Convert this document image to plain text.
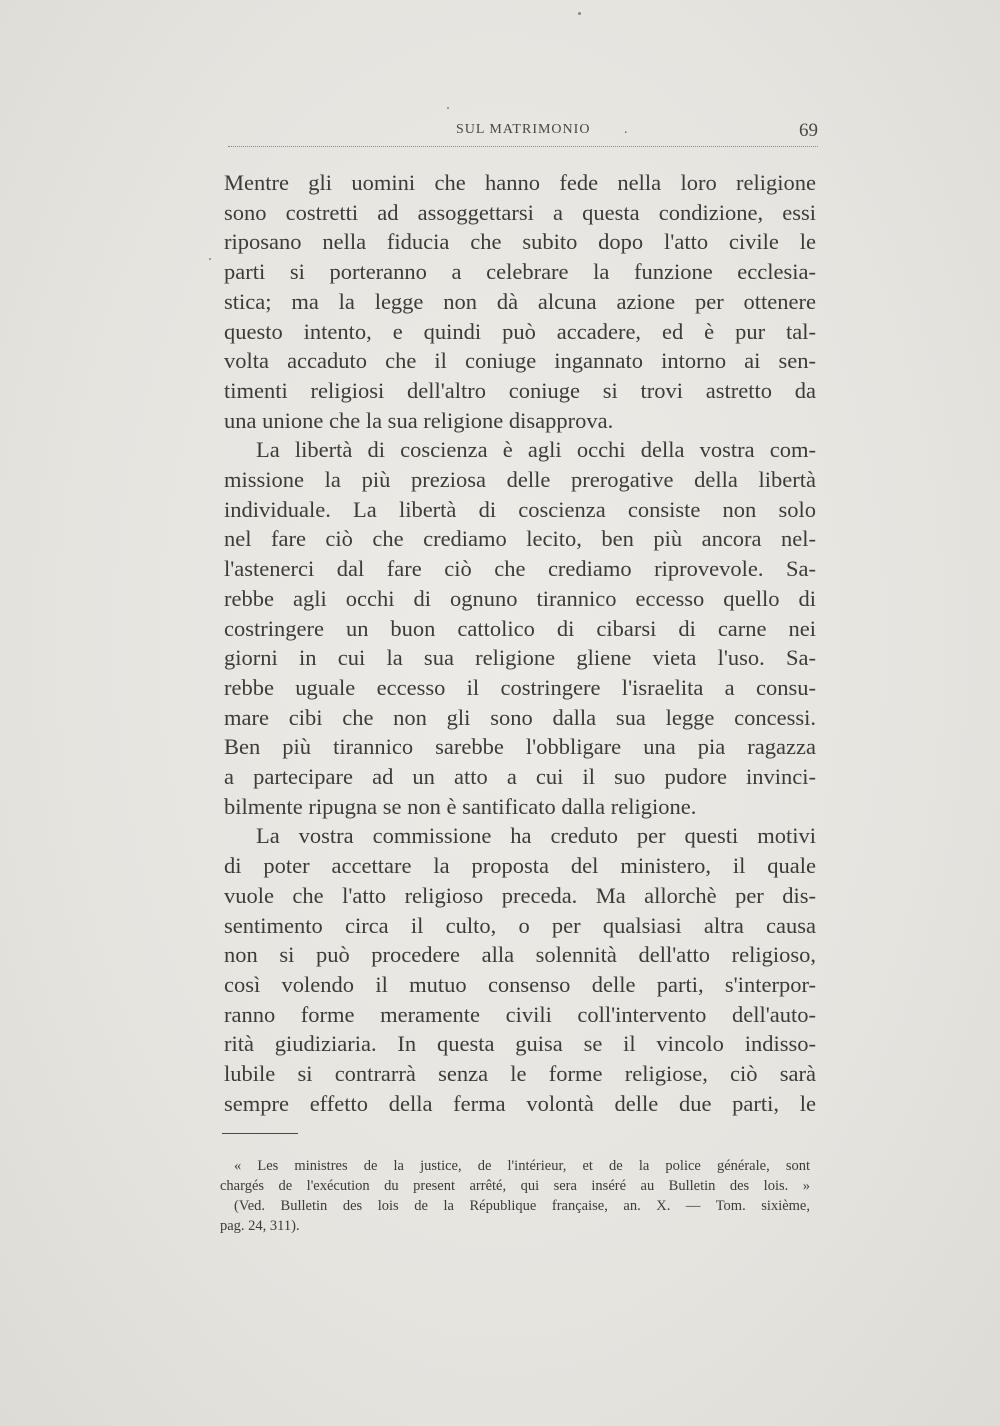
SUL MATRIMONIO .	69

Mentre gli uomini che hanno fede nella loro religione
sono costretti ad assoggettarsi a questa condizione, essi
riposano nella fiducia che subito dopo l'atto civile le
parti si porteranno a celebrare la funzione ecclesia-
stica; ma la legge non dà alcuna azione per ottenere
questo intento, e quindi può accadere, ed è pur tal-
volta accaduto che il coniuge ingannato intorno ai sen-
timenti religiosi dell'altro coniuge si trovi astretto da
una unione che la sua religione disapprova.

La libertà di coscienza è agli occhi della vostra com-
missione la più preziosa delle prerogative della libertà
individuale. La libertà di coscienza consiste non solo
nel fare ciò che crediamo lecito, ben più ancora nel-
l'astenerci dal fare ciò che crediamo riprovevole. Sa-
rebbe agli occhi di ognuno tirannico eccesso quello di
costringere un buon cattolico di cibarsi di carne nei
giorni in cui la sua religione gliene vieta l'uso. Sa-
rebbe uguale eccesso il costringere l'israelita a consu-
mare cibi che non gli sono dalla sua legge concessi.
Ben più tirannico sarebbe l'obbligare una pia ragazza
a partecipare ad un atto a cui il suo pudore invinci-
bilmente ripugna se non è santificato dalla religione.

La vostra commissione ha creduto per questi motivi
di poter accettare la proposta del ministero, il quale
vuole che l'atto religioso preceda. Ma allorchè per dis-
sentimento circa il culto, o per qualsiasi altra causa
non si può procedere alla solennità dell'atto religioso,
così volendo il mutuo consenso delle parti, s'interpor-
ranno forme meramente civili coll'intervento dell'auto-
rità giudiziaria. In questa guisa se il vincolo indisso-
lubile si contrarrà senza le forme religiose, ciò sarà
sempre effetto della ferma volontà delle due parti, le

« Les ministres de la justice, de l'intérieur, et de la police générale, sont
chargés de l'exécution du present arrêté, qui sera inséré au Bulletin des lois. »
(Ved. Bulletin des lois de la République française, an. X. — Tom. sixième,
pag. 24, 311).
